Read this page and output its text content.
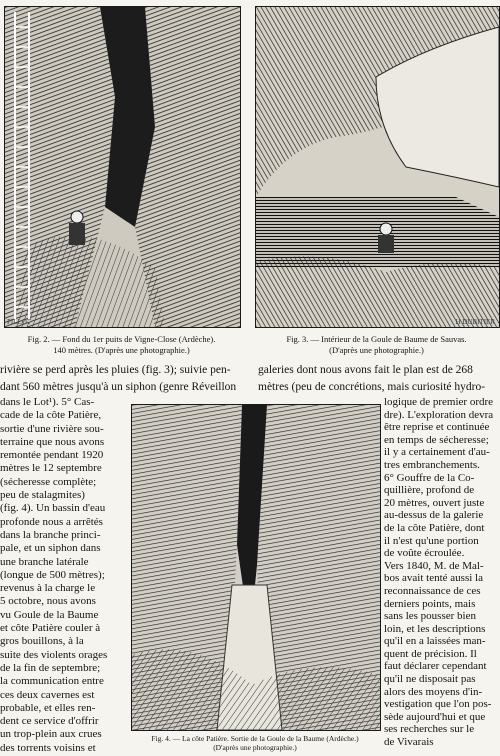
PILLOT
Fig. 2. — Fond du 1er puits de Vigne-Close (Ardèche).
140 mètres. (D'après une photographie.)
H DUBITIER
Fig. 3. — Intérieur de la Goule de Baume de Sauvas.
(D'après une photographie.)
rivière se perd après les pluies (fig. 3); suivie pen-
dant 560 mètres jusqu'à un siphon (genre Réveillon
galeries dont nous avons fait le plan est de 268
mètres (peu de concrétions, mais curiosité hydro-
Fig. 4. — La côte Patière. Sortie de la Goule de la Baume (Ardèche.)
(D'après une photographie.)
dans le Lot¹). 5° Cas-
cade de la côte Patière,
sortie d'une rivière sou-
terraine que nous avons
remontée pendant 1920
mètres le 12 septembre
(sécheresse complète;
peu de stalagmites)
(fig. 4). Un bassin d'eau
profonde nous a arrêtés
dans la branche princi-
pale, et un siphon dans
une branche latérale
(longue de 500 mètres);
revenus à la charge le
5 octobre, nous avons
vu Goule de la Baume
et côte Patière couler à
gros bouillons, à la
suite des violents orages
de la fin de septembre;
la communication entre
ces deux cavernes est
probable, et elles ren-
dent ce service d'offrir
un trop-plein aux crues
des torrents voisins et
logique de premier ordre
dre). L'exploration devra
être reprise et continuée
en temps de sécheresse;
il y a certainement d'au-
tres embranchements.
6° Gouffre de la Co-
quillière, profond de
20 mètres, ouvert juste
au-dessus de la galerie
de la côte Patière, dont
il n'est qu'une portion
de voûte écroulée.
Vers 1840, M. de Mal-
bos avait tenté aussi la
reconnaissance de ces
derniers points, mais
sans les pousser bien
loin, et les descriptions
qu'il en a laissées man-
quent de précision. Il
faut déclarer cependant
qu'il ne disposait pas
alors des moyens d'in-
vestigation que l'on pos-
sède aujourd'hui et que
ses recherches sur le
de Vivarais
